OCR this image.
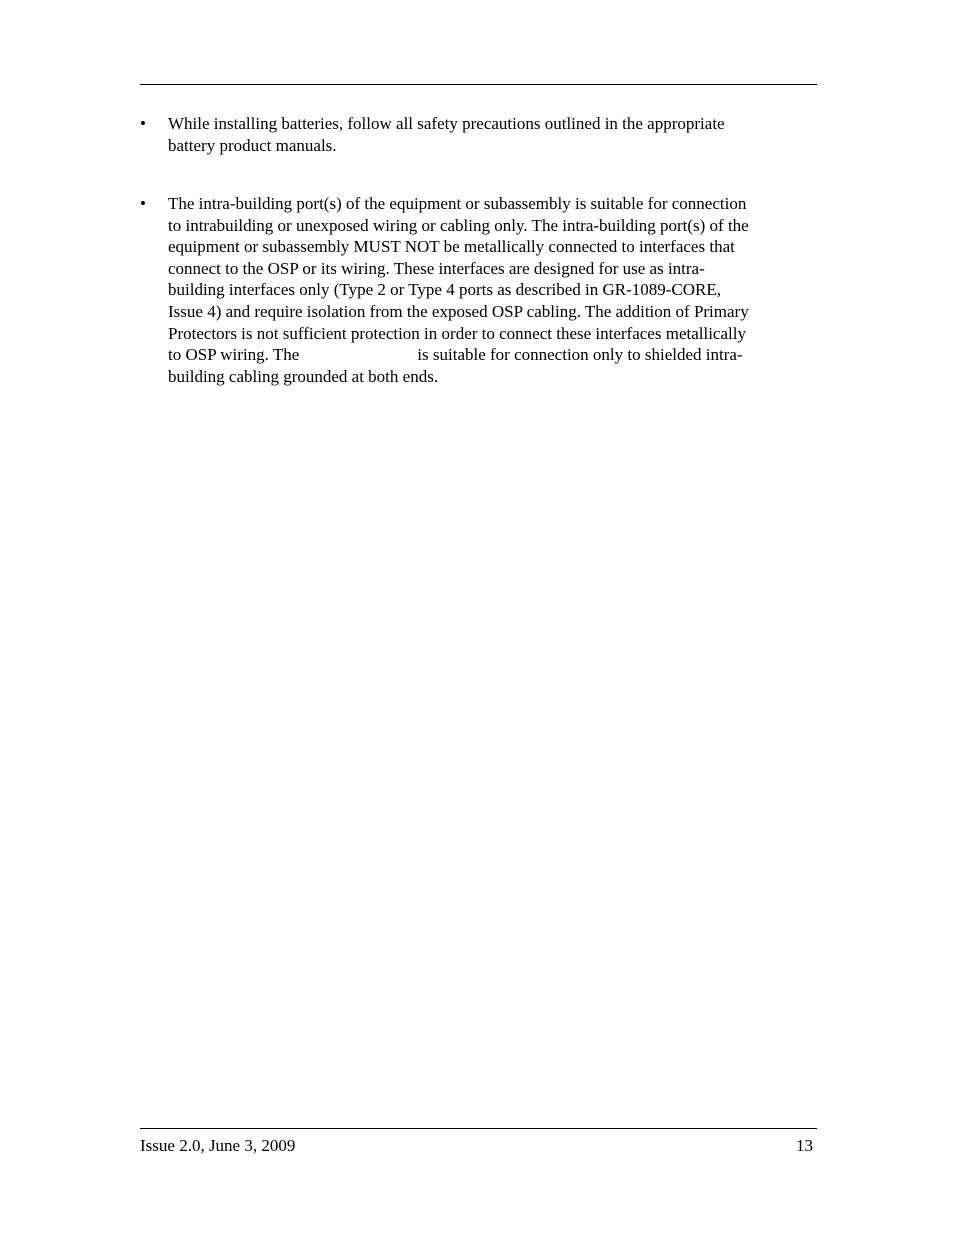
•	While installing batteries, follow all safety precautions outlined in the appropriate
battery product manuals.
•	The intra-building port(s) of the equipment or subassembly is suitable for connection
to intrabuilding or unexposed wiring or cabling only. The intra-building port(s) of the
equipment or subassembly MUST NOT be metallically connected to interfaces that
connect to the OSP or its wiring. These interfaces are designed for use as intra-
building interfaces only (Type 2 or Type 4 ports as described in GR-1089-CORE,
Issue 4) and require isolation from the exposed OSP cabling. The addition of Primary
Protectors is not sufficient protection in order to connect these interfaces metallically
to OSP wiring. The	is suitable for connection only to shielded intra-
building cabling grounded at both ends.
Issue 2.0, June 3, 2009	13
